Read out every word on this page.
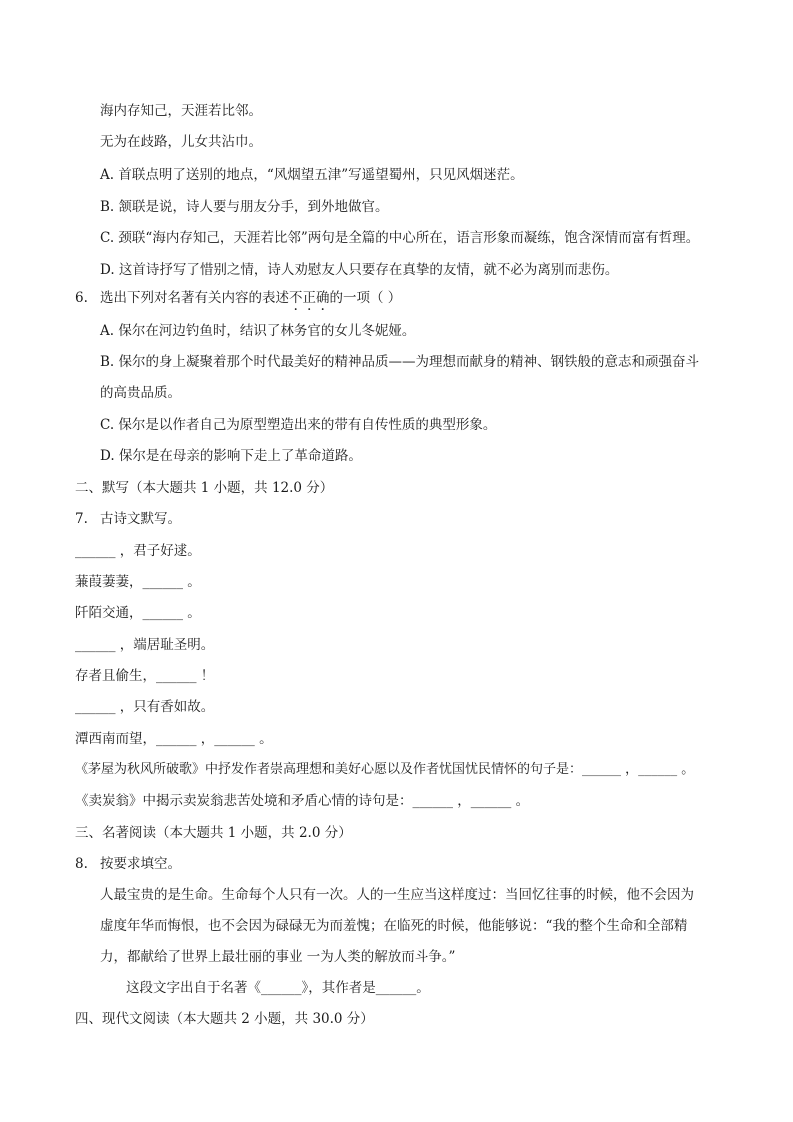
海内存知己，天涯若比邻。
无为在歧路，儿女共沾巾。
A. 首联点明了送别的地点，“风烟望五津”写遥望蜀州，只见风烟迷茫。
B. 颔联是说，诗人要与朋友分手，到外地做官。
C. 颈联“海内存知己，天涯若比邻”两句是全篇的中心所在，语言形象而凝练，饱含深情而富有哲理。
D. 这首诗抒写了惜别之情，诗人劝慰友人只要存在真挚的友情，就不必为离别而悲伤。
6. 选出下列对名著有关内容的表述不正确的一项（ ）
A. 保尔在河边钓鱼时，结识了林务官的女儿冬妮娅。
B. 保尔的身上凝聚着那个时代最美好的精神品质——为理想而献身的精神、钢铁般的意志和顽强奋斗
的高贵品质。
C. 保尔是以作者自己为原型塑造出来的带有自传性质的典型形象。
D. 保尔是在母亲的影响下走上了革命道路。
二、默写（本大题共 1 小题，共 12.0 分）
7. 古诗文默写。
______ ，君子好逑。
蒹葭萋萋，______ 。
阡陌交通，______ 。
______ ，端居耻圣明。
存者且偷生，______ ！
______ ，只有香如故。
潭西南而望，______ ，______ 。
《茅屋为秋风所破歌》中抒发作者崇高理想和美好心愿以及作者忧国忧民情怀的句子是：______ ，______ 。
《卖炭翁》中揭示卖炭翁悲苦处境和矛盾心情的诗句是：______ ，______ 。
三、名著阅读（本大题共 1 小题，共 2.0 分）
8. 按要求填空。
人最宝贵的是生命。生命每个人只有一次。人的一生应当这样度过：当回忆往事的时候，他不会因为
虚度年华而悔恨，也不会因为碌碌无为而羞愧；在临死的时候，他能够说：“我的整个生命和全部精
力，都献给了世界上最壮丽的事业 一为人类的解放而斗争。”
这段文字出自于名著《______》，其作者是______。
四、现代文阅读（本大题共 2 小题，共 30.0 分）
